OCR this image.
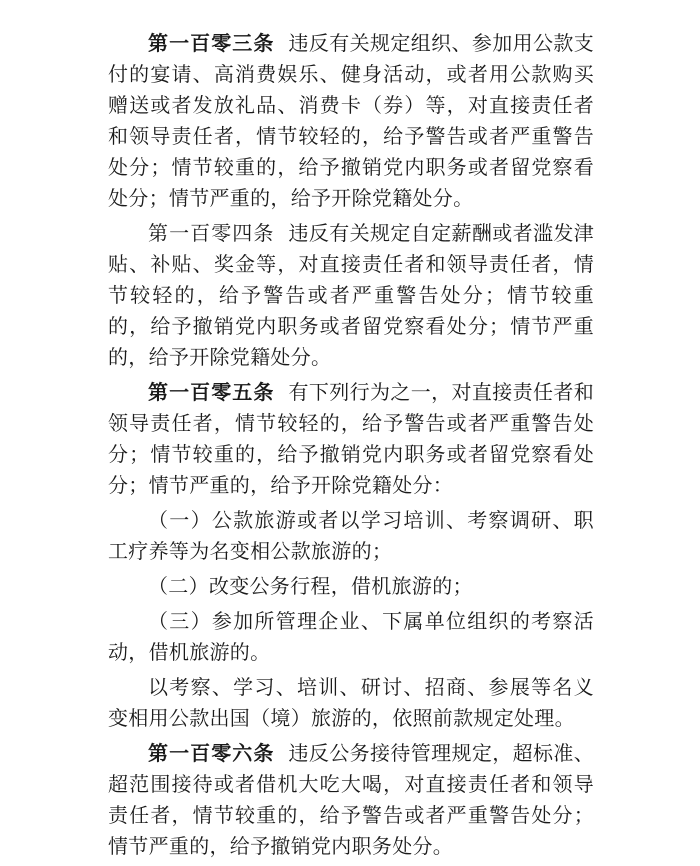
第一百零三条 违反有关规定组织、参加用公款支付的宴请、高消费娱乐、健身活动，或者用公款购买赠送或者发放礼品、消费卡（券）等，对直接责任者和领导责任者，情节较轻的，给予警告或者严重警告处分；情节较重的，给予撤销党内职务或者留党察看处分；情节严重的，给予开除党籍处分。

第一百零四条 违反有关规定自定薪酬或者滥发津贴、补贴、奖金等，对直接责任者和领导责任者，情节较轻的，给予警告或者严重警告处分；情节较重的，给予撤销党内职务或者留党察看处分；情节严重的，给予开除党籍处分。

第一百零五条 有下列行为之一，对直接责任者和领导责任者，情节较轻的，给予警告或者严重警告处分；情节较重的，给予撤销党内职务或者留党察看处分；情节严重的，给予开除党籍处分：

（一）公款旅游或者以学习培训、考察调研、职工疗养等为名变相公款旅游的；

（二）改变公务行程，借机旅游的；

（三）参加所管理企业、下属单位组织的考察活动，借机旅游的。

以考察、学习、培训、研讨、招商、参展等名义变相用公款出国（境）旅游的，依照前款规定处理。

第一百零六条 违反公务接待管理规定，超标准、超范围接待或者借机大吃大喝，对直接责任者和领导责任者，情节较重的，给予警告或者严重警告处分；情节严重的，给予撤销党内职务处分。
